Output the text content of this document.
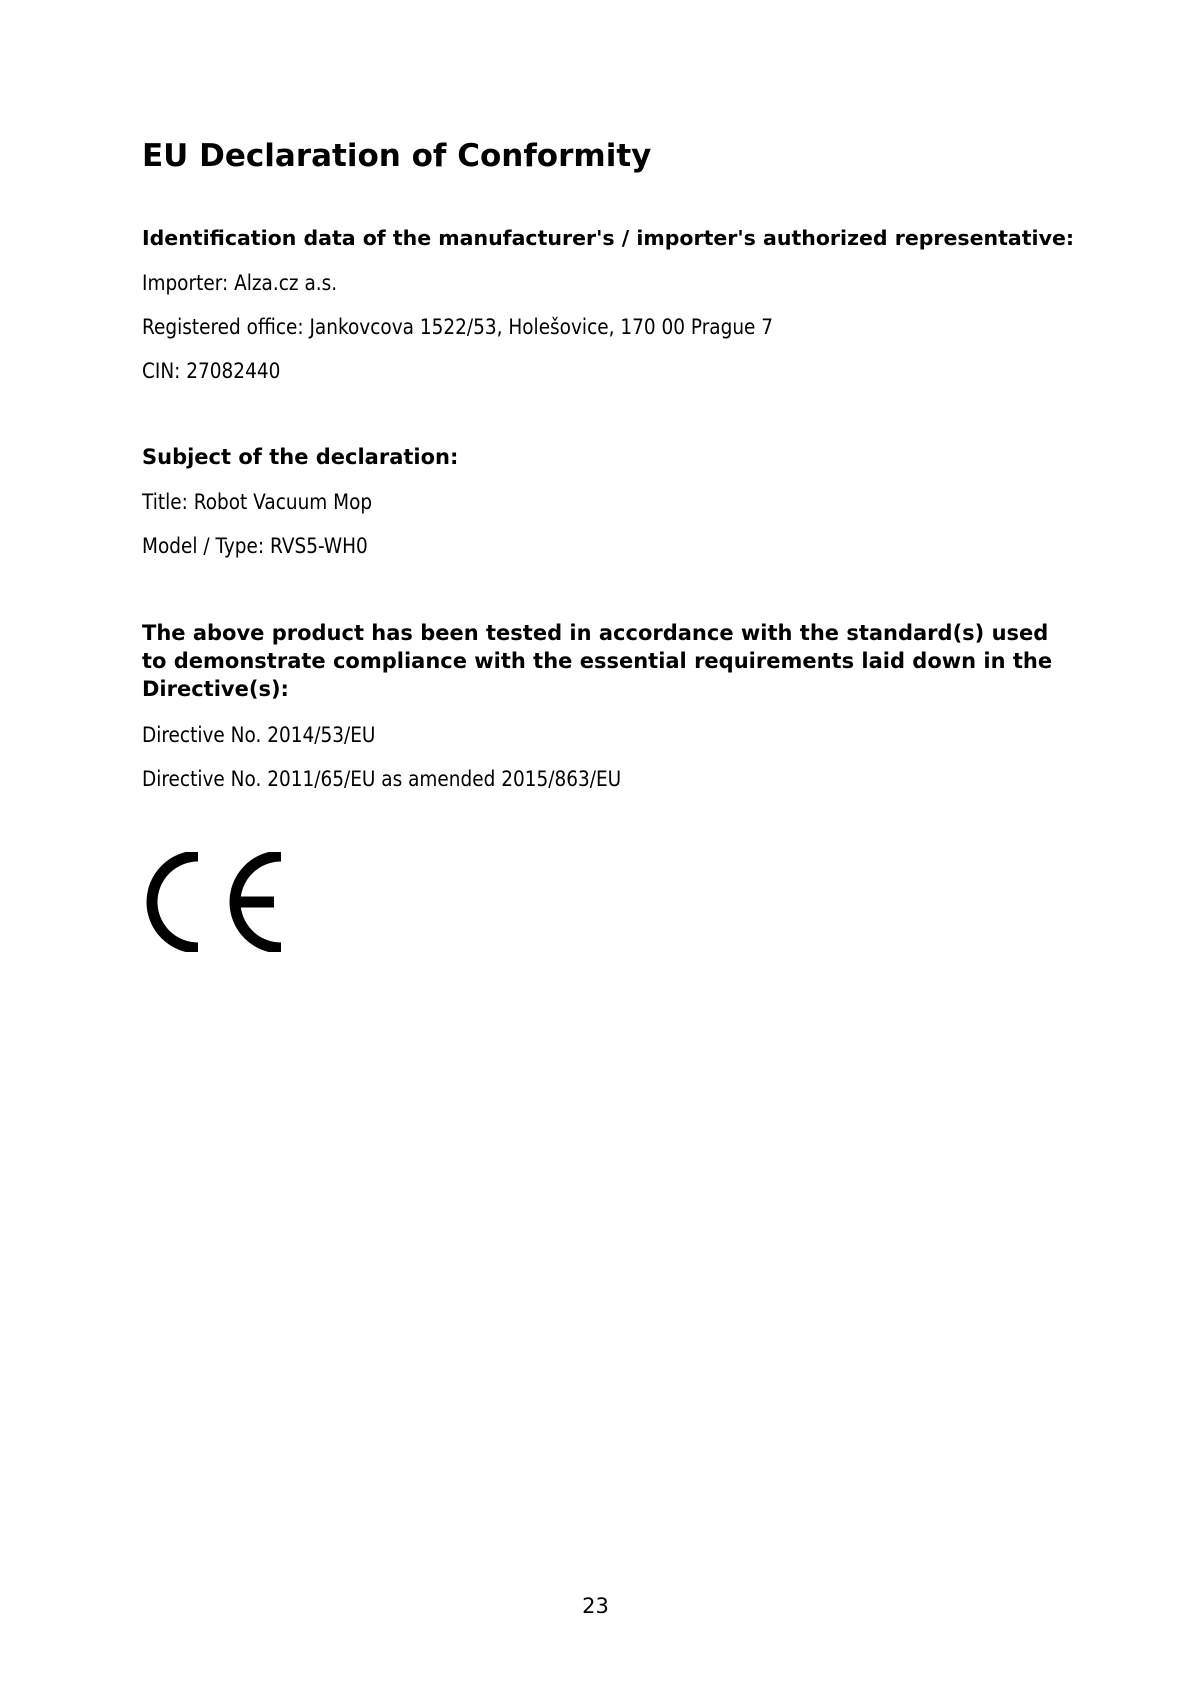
EU Declaration of Conformity

Identification data of the manufacturer's / importer's authorized representative:

Importer: Alza.cz a.s.

Registered office: Jankovcova 1522/53, Holešovice, 170 00 Prague 7

CIN: 27082440

Subject of the declaration:

Title: Robot Vacuum Mop

Model / Type: RVS5-WH0

The above product has been tested in accordance with the standard(s) used to demonstrate compliance with the essential requirements laid down in the Directive(s):

Directive No. 2014/53/EU

Directive No. 2011/65/EU as amended 2015/863/EU

23
